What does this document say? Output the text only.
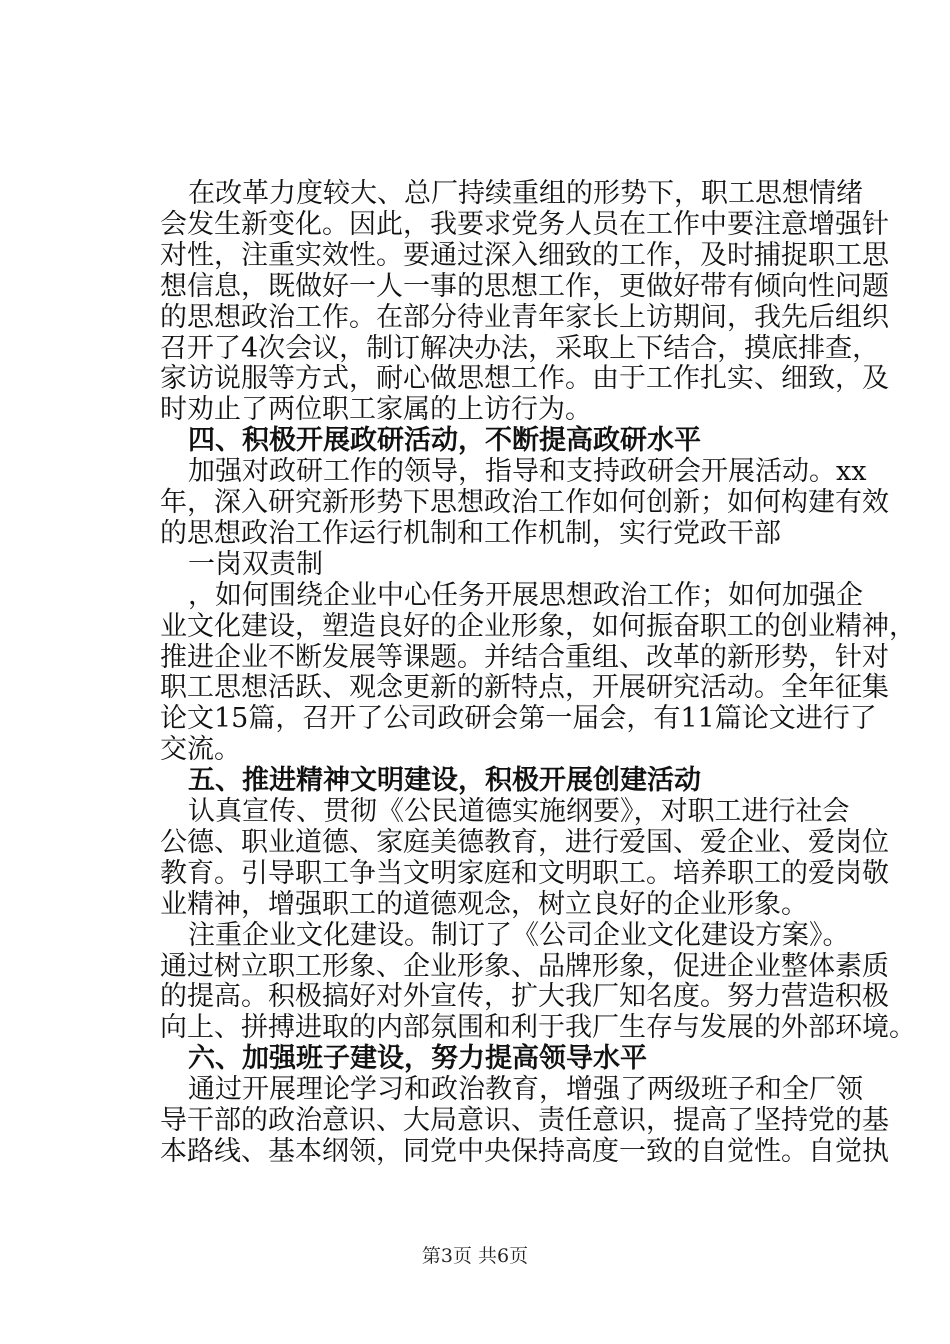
在改革力度较大、总厂持续重组的形势下，职工思想情绪
会发生新变化。因此，我要求党务人员在工作中要注意增强针
对性，注重实效性。要通过深入细致的工作，及时捕捉职工思
想信息，既做好一人一事的思想工作，更做好带有倾向性问题
的思想政治工作。在部分待业青年家长上访期间，我先后组织
召开了4次会议，制订解决办法，采取上下结合，摸底排查，
家访说服等方式，耐心做思想工作。由于工作扎实、细致，及
时劝止了两位职工家属的上访行为。
四、积极开展政研活动，不断提高政研水平
加强对政研工作的领导，指导和支持政研会开展活动。xx
年，深入研究新形势下思想政治工作如何创新；如何构建有效
的思想政治工作运行机制和工作机制，实行党政干部
一岗双责制
，如何围绕企业中心任务开展思想政治工作；如何加强企
业文化建设，塑造良好的企业形象，如何振奋职工的创业精神，
推进企业不断发展等课题。并结合重组、改革的新形势，针对
职工思想活跃、观念更新的新特点，开展研究活动。全年征集
论文15篇，召开了公司政研会第一届会，有11篇论文进行了
交流。
五、推进精神文明建设，积极开展创建活动
认真宣传、贯彻《公民道德实施纲要》，对职工进行社会
公德、职业道德、家庭美德教育，进行爱国、爱企业、爱岗位
教育。引导职工争当文明家庭和文明职工。培养职工的爱岗敬
业精神，增强职工的道德观念，树立良好的企业形象。
注重企业文化建设。制订了《公司企业文化建设方案》。
通过树立职工形象、企业形象、品牌形象，促进企业整体素质
的提高。积极搞好对外宣传，扩大我厂知名度。努力营造积极
向上、拼搏进取的内部氛围和利于我厂生存与发展的外部环境。
六、加强班子建设，努力提高领导水平
通过开展理论学习和政治教育，增强了两级班子和全厂领
导干部的政治意识、大局意识、责任意识，提高了坚持党的基
本路线、基本纲领，同党中央保持高度一致的自觉性。自觉执
第3页 共6页
